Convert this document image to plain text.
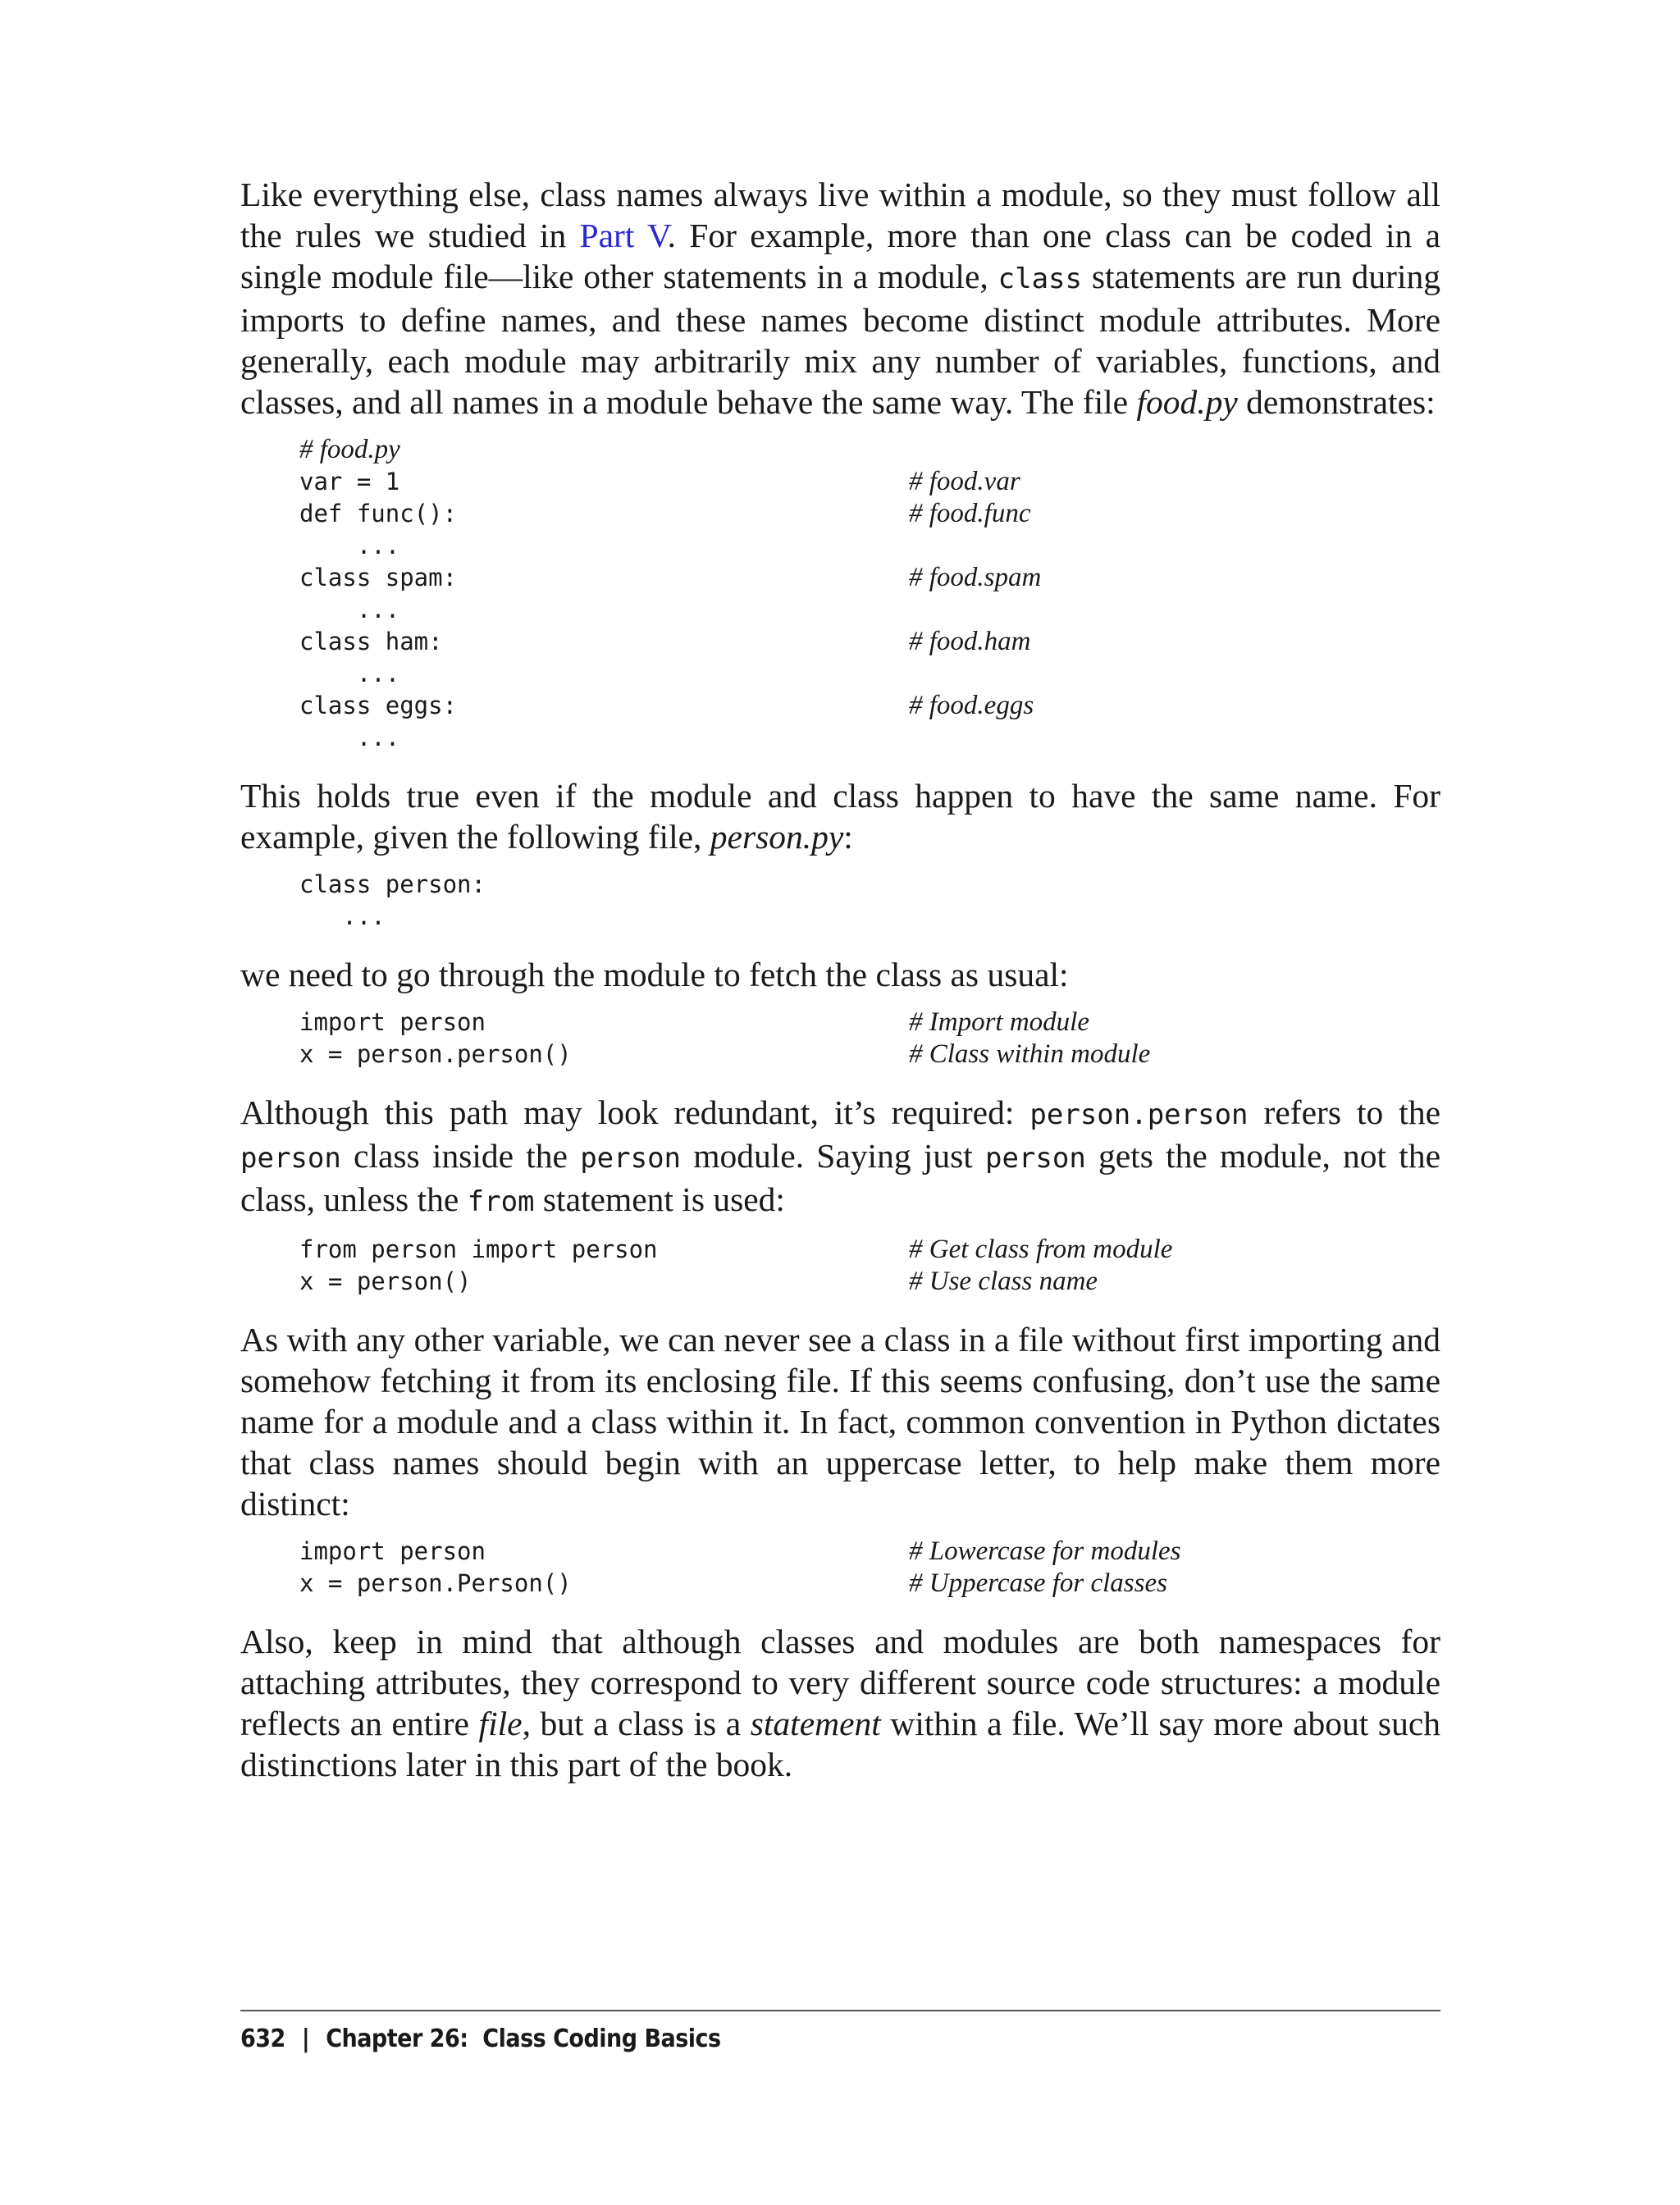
Like everything else, class names always live within a module, so they must follow all the rules we studied in Part V. For example, more than one class can be coded in a single module file—like other statements in a module, class statements are run during imports to define names, and these names become distinct module attributes. More generally, each module may arbitrarily mix any number of variables, functions, and classes, and all names in a module behave the same way. The file food.py demonstrates:

# food.py
var = 1	# food.var
def func():	# food.func
...
class spam:	# food.spam
...
class ham:	# food.ham
...
class eggs:	# food.eggs
...

This holds true even if the module and class happen to have the same name. For example, given the following file, person.py:

class person:
...

we need to go through the module to fetch the class as usual:

import person	# Import module
x = person.person()	# Class within module

Although this path may look redundant, it’s required: person.person refers to the person class inside the person module. Saying just person gets the module, not the class, unless the from statement is used:

from person import person	# Get class from module
x = person()	# Use class name

As with any other variable, we can never see a class in a file without first importing and somehow fetching it from its enclosing file. If this seems confusing, don’t use the same name for a module and a class within it. In fact, common convention in Python dictates that class names should begin with an uppercase letter, to help make them more distinct:

import person	# Lowercase for modules
x = person.Person()	# Uppercase for classes

Also, keep in mind that although classes and modules are both namespaces for attaching attributes, they correspond to very different source code structures: a module reflects an entire file, but a class is a statement within a file. We’ll say more about such distinctions later in this part of the book.

632 | Chapter 26:  Class Coding Basics
